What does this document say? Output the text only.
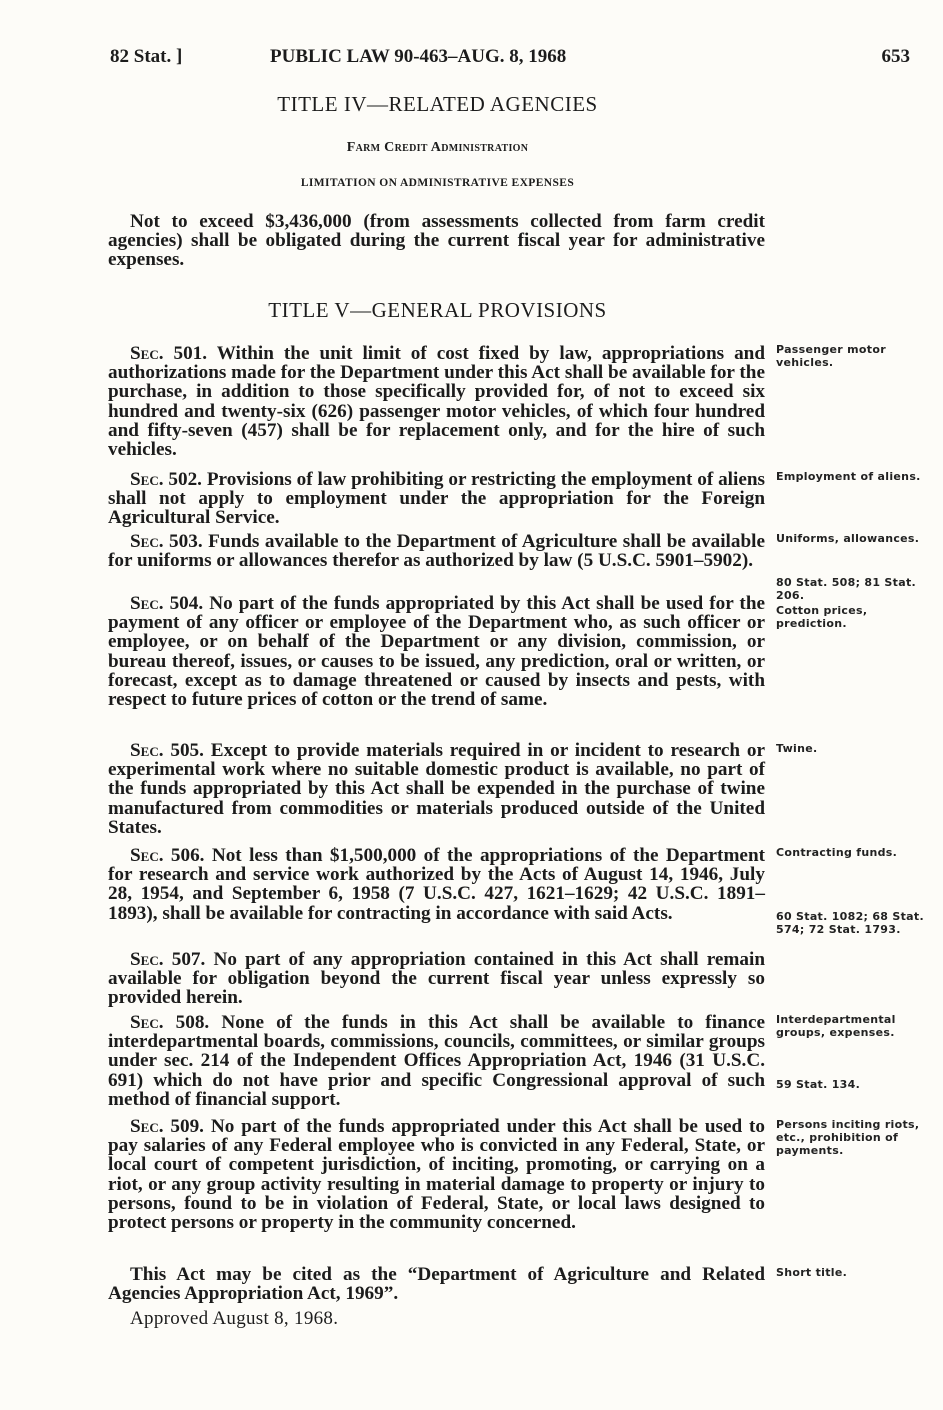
82 Stat. ]	PUBLIC LAW 90-463–AUG. 8, 1968	653
TITLE IV—RELATED AGENCIES
Farm Credit Administration
LIMITATION ON ADMINISTRATIVE EXPENSES

Not to exceed $3,436,000 (from assessments collected from farm credit agencies) shall be obligated during the current fiscal year for administrative expenses.

TITLE V—GENERAL PROVISIONS

Sec. 501. Within the unit limit of cost fixed by law, appropriations and authorizations made for the Department under this Act shall be available for the purchase, in addition to those specifically provided for, of not to exceed six hundred and twenty-six (626) passenger motor vehicles, of which four hundred and fifty-seven (457) shall be for replacement only, and for the hire of such vehicles.

Sec. 502. Provisions of law prohibiting or restricting the employment of aliens shall not apply to employment under the appropriation for the Foreign Agricultural Service.

Sec. 503. Funds available to the Department of Agriculture shall be available for uniforms or allowances therefor as authorized by law (5 U.S.C. 5901–5902).

Sec. 504. No part of the funds appropriated by this Act shall be used for the payment of any officer or employee of the Department who, as such officer or employee, or on behalf of the Department or any division, commission, or bureau thereof, issues, or causes to be issued, any prediction, oral or written, or forecast, except as to damage threatened or caused by insects and pests, with respect to future prices of cotton or the trend of same.

Sec. 505. Except to provide materials required in or incident to research or experimental work where no suitable domestic product is available, no part of the funds appropriated by this Act shall be expended in the purchase of twine manufactured from commodities or materials produced outside of the United States.

Sec. 506. Not less than $1,500,000 of the appropriations of the Department for research and service work authorized by the Acts of August 14, 1946, July 28, 1954, and September 6, 1958 (7 U.S.C. 427, 1621–1629; 42 U.S.C. 1891–1893), shall be available for contracting in accordance with said Acts.

Sec. 507. No part of any appropriation contained in this Act shall remain available for obligation beyond the current fiscal year unless expressly so provided herein.

Sec. 508. None of the funds in this Act shall be available to finance interdepartmental boards, commissions, councils, committees, or similar groups under sec. 214 of the Independent Offices Appropriation Act, 1946 (31 U.S.C. 691) which do not have prior and specific Congressional approval of such method of financial support.

Sec. 509. No part of the funds appropriated under this Act shall be used to pay salaries of any Federal employee who is convicted in any Federal, State, or local court of competent jurisdiction, of inciting, promoting, or carrying on a riot, or any group activity resulting in material damage to property or injury to persons, found to be in violation of Federal, State, or local laws designed to protect persons or property in the community concerned.

This Act may be cited as the “Department of Agriculture and Related Agencies Appropriation Act, 1969”.

Approved August 8, 1968.
Passenger motor vehicles.
Employment of aliens.
Uniforms, allowances.
80 Stat. 508; 81 Stat. 206.
Cotton prices, prediction.
Twine.
Contracting funds.
60 Stat. 1082; 68 Stat. 574; 72 Stat. 1793.
Interdepartmental groups, expenses.
59 Stat. 134.
Persons inciting riots, etc., prohibition of payments.
Short title.
